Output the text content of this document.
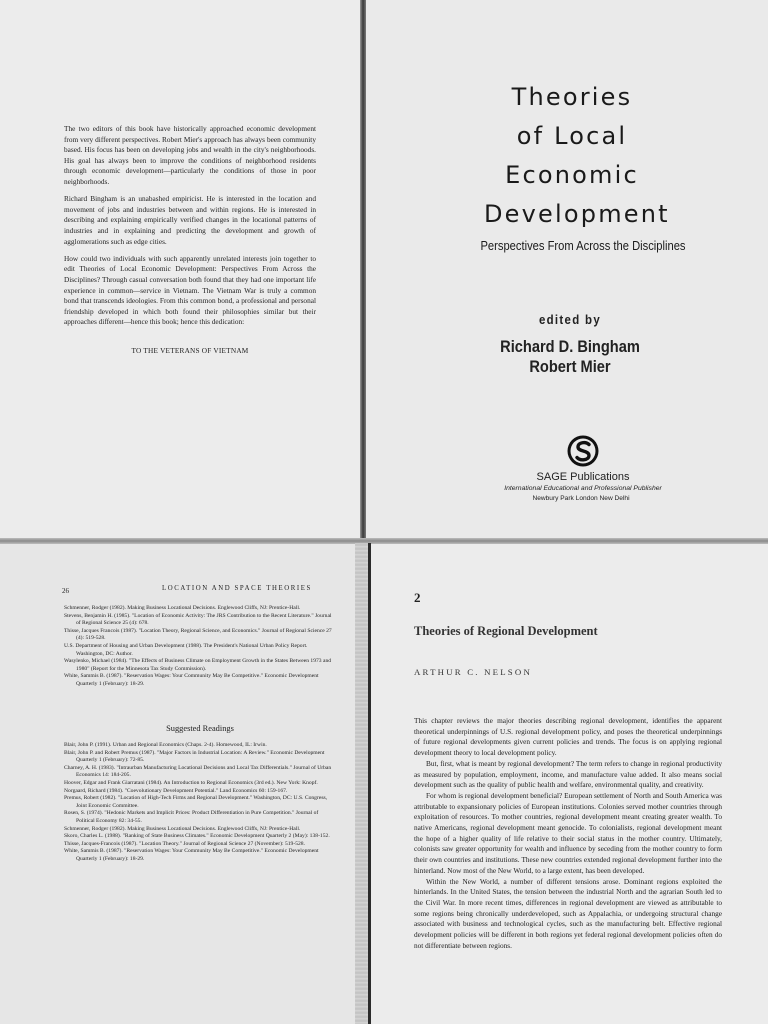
The two editors of this book have historically approached economic development from very different perspectives. Robert Mier's approach has always been community based. His focus has been on developing jobs and wealth in the city's neighborhoods. His goal has always been to improve the conditions of neighborhood residents through economic development—particularly the conditions of those in poor neighborhoods.

Richard Bingham is an unabashed empiricist. He is interested in the location and movement of jobs and industries between and within regions. He is interested in describing and explaining empirically verified changes in the locational patterns of industries and in explaining and predicting the development and growth of agglomerations such as edge cities.

How could two individuals with such apparently unrelated interests join together to edit Theories of Local Economic Development: Perspectives From Across the Disciplines? Through casual conversation both found that they had one important life experience in common—service in Vietnam. The Vietnam War is truly a common bond that transcends ideologies. From this common bond, a professional and personal friendship developed in which both found their philosophies similar but their approaches different—hence this book; hence this dedication:

TO THE VETERANS OF VIETNAM
Theories
of Local
Economic
Development
Perspectives From Across the Disciplines
edited by
Richard D. Bingham
Robert Mier
SAGE Publications
International Educational and Professional Publisher
Newbury Park London New Delhi
26	LOCATION AND SPACE THEORIES
Schmenner, Rodger (1982). Making Business Locational Decisions. Englewood Cliffs, NJ: Prentice-Hall.
Stevens, Benjamin H. (1985). "Location of Economic Activity: The JRS Contribution to the Recent Literature." Journal of Regional Science 25 (4): 678.
Thisse, Jacques Francois (1987). "Location Theory, Regional Science, and Economics." Journal of Regional Science 27 (4): 519-528.
U.S. Department of Housing and Urban Development (1988). The President's National Urban Policy Report. Washington, DC: Author.
Wasylenko, Michael (1984). "The Effects of Business Climate on Employment Growth in the States Between 1973 and 1980" (Report for the Minnesota Tax Study Commission).
White, Sammis B. (1987). "Reservation Wages: Your Community May Be Competitive." Economic Development Quarterly 1 (February): 18-29.
Suggested Readings
Blair, John P. (1991). Urban and Regional Economics (Chaps. 2-4). Homewood, IL: Irwin.
Blair, John P. and Robert Premus (1987). "Major Factors in Industrial Location: A Review." Economic Development Quarterly 1 (February): 72-85.
Charney, A. H. (1983). "Intraurban Manufacturing Locational Decisions and Local Tax Differentials." Journal of Urban Economics 14: 184-205.
Hoover, Edgar and Frank Giarratani (1984). An Introduction to Regional Economics (3rd ed.). New York: Knopf.
Norgaard, Richard (1984). "Coevolutionary Development Potential." Land Economics 60: 159-167.
Premus, Robert (1982). "Location of High-Tech Firms and Regional Development." Washington, DC: U.S. Congress, Joint Economic Committee.
Rosen, S. (1974). "Hedonic Markets and Implicit Prices: Product Differentiation in Pure Competition." Journal of Political Economy 82: 34-55.
Schmenner, Rodger (1982). Making Business Locational Decisions. Englewood Cliffs, NJ: Prentice-Hall.
Skoro, Charles L. (1988). "Ranking of State Business Climates." Economic Development Quarterly 2 (May): 138-152.
Thisse, Jacques-Francois (1987). "Location Theory." Journal of Regional Science 27 (November): 519-528.
White, Sammis B. (1987). "Reservation Wages: Your Community May Be Competitive." Economic Development Quarterly 1 (February): 18-29.
2
Theories of Regional Development
ARTHUR C. NELSON

This chapter reviews the major theories describing regional development, identifies the apparent theoretical underpinnings of U.S. regional development policy, and poses the theoretical underpinnings of future regional developments given current policies and trends. The focus is on applying regional development theory to local development policy.

But, first, what is meant by regional development? The term refers to change in regional productivity as measured by population, employment, income, and manufacture value added. It also means social development such as the quality of public health and welfare, environmental quality, and creativity.

For whom is regional development beneficial? European settlement of North and South America was attributable to expansionary policies of European institutions. Colonies served mother countries through exploitation of resources. To mother countries, regional development meant creating greater wealth. To native Americans, regional development meant genocide. To colonialists, regional development meant the hope of a higher quality of life relative to their social status in the mother country. Ultimately, colonists saw greater opportunity for wealth and influence by seceding from the mother country to form their own countries and institutions. These new countries extended regional development further into the hinterland. Now most of the New World, to a large extent, has been developed.

Within the New World, a number of different tensions arose. Dominant regions exploited the hinterlands. In the United States, the tension between the industrial North and the agrarian South led to the Civil War. In more recent times, differences in regional development are viewed as attributable to some regions being chronically underdeveloped, such as Appalachia, or undergoing structural change associated with business and technological cycles, such as the manufacturing belt. Effective regional development policies will be different in both regions yet federal regional development policies often do not differentiate between regions.
